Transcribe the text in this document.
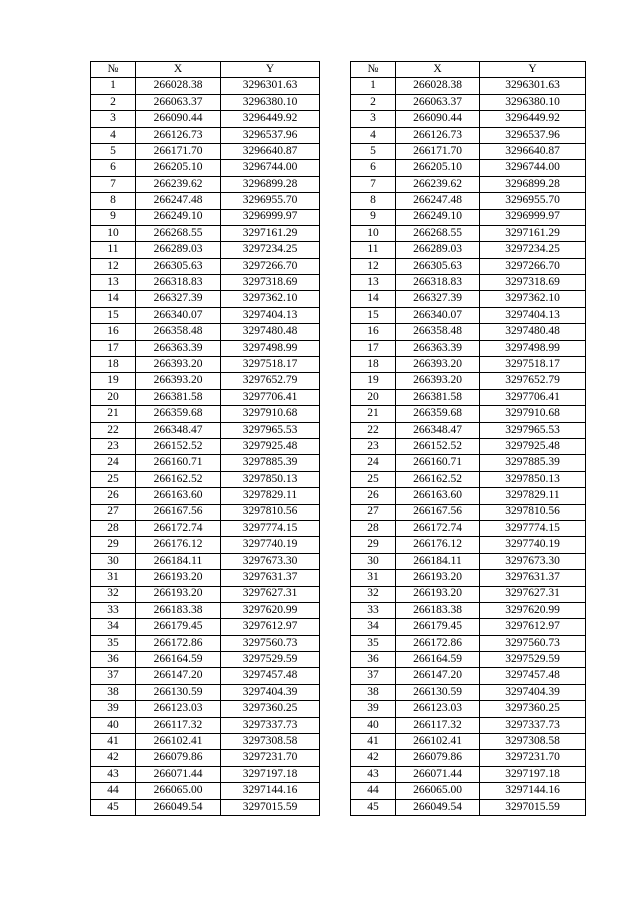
№	X	Y
1	266028.38	3296301.63
2	266063.37	3296380.10
3	266090.44	3296449.92
4	266126.73	3296537.96
5	266171.70	3296640.87
6	266205.10	3296744.00
7	266239.62	3296899.28
8	266247.48	3296955.70
9	266249.10	3296999.97
10	266268.55	3297161.29
11	266289.03	3297234.25
12	266305.63	3297266.70
13	266318.83	3297318.69
14	266327.39	3297362.10
15	266340.07	3297404.13
16	266358.48	3297480.48
17	266363.39	3297498.99
18	266393.20	3297518.17
19	266393.20	3297652.79
20	266381.58	3297706.41
21	266359.68	3297910.68
22	266348.47	3297965.53
23	266152.52	3297925.48
24	266160.71	3297885.39
25	266162.52	3297850.13
26	266163.60	3297829.11
27	266167.56	3297810.56
28	266172.74	3297774.15
29	266176.12	3297740.19
30	266184.11	3297673.30
31	266193.20	3297631.37
32	266193.20	3297627.31
33	266183.38	3297620.99
34	266179.45	3297612.97
35	266172.86	3297560.73
36	266164.59	3297529.59
37	266147.20	3297457.48
38	266130.59	3297404.39
39	266123.03	3297360.25
40	266117.32	3297337.73
41	266102.41	3297308.58
42	266079.86	3297231.70
43	266071.44	3297197.18
44	266065.00	3297144.16
45	266049.54	3297015.59
№	X	Y
1	266028.38	3296301.63
2	266063.37	3296380.10
3	266090.44	3296449.92
4	266126.73	3296537.96
5	266171.70	3296640.87
6	266205.10	3296744.00
7	266239.62	3296899.28
8	266247.48	3296955.70
9	266249.10	3296999.97
10	266268.55	3297161.29
11	266289.03	3297234.25
12	266305.63	3297266.70
13	266318.83	3297318.69
14	266327.39	3297362.10
15	266340.07	3297404.13
16	266358.48	3297480.48
17	266363.39	3297498.99
18	266393.20	3297518.17
19	266393.20	3297652.79
20	266381.58	3297706.41
21	266359.68	3297910.68
22	266348.47	3297965.53
23	266152.52	3297925.48
24	266160.71	3297885.39
25	266162.52	3297850.13
26	266163.60	3297829.11
27	266167.56	3297810.56
28	266172.74	3297774.15
29	266176.12	3297740.19
30	266184.11	3297673.30
31	266193.20	3297631.37
32	266193.20	3297627.31
33	266183.38	3297620.99
34	266179.45	3297612.97
35	266172.86	3297560.73
36	266164.59	3297529.59
37	266147.20	3297457.48
38	266130.59	3297404.39
39	266123.03	3297360.25
40	266117.32	3297337.73
41	266102.41	3297308.58
42	266079.86	3297231.70
43	266071.44	3297197.18
44	266065.00	3297144.16
45	266049.54	3297015.59
